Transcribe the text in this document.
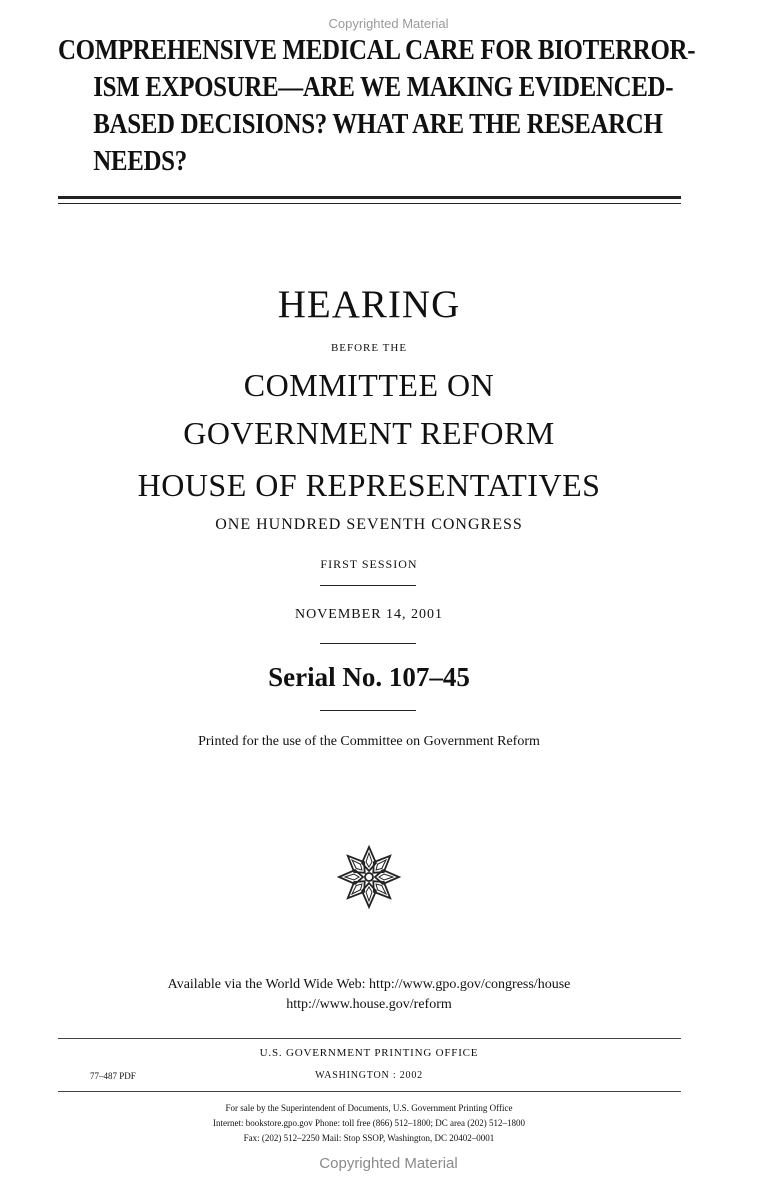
Copyrighted Material
COMPREHENSIVE MEDICAL CARE FOR BIOTERROR-
ISM EXPOSURE—ARE WE MAKING EVIDENCED-
BASED DECISIONS? WHAT ARE THE RESEARCH
NEEDS?
HEARING
BEFORE THE
COMMITTEE ON
GOVERNMENT REFORM
HOUSE OF REPRESENTATIVES
ONE HUNDRED SEVENTH CONGRESS
FIRST SESSION
NOVEMBER 14, 2001
Serial No. 107–45
Printed for the use of the Committee on Government Reform
Available via the World Wide Web: http://www.gpo.gov/congress/house
http://www.house.gov/reform
U.S. GOVERNMENT PRINTING OFFICE
77–487 PDF	WASHINGTON : 2002
For sale by the Superintendent of Documents, U.S. Government Printing Office
Internet: bookstore.gpo.gov Phone: toll free (866) 512–1800; DC area (202) 512–1800
Fax: (202) 512–2250 Mail: Stop SSOP, Washington, DC 20402–0001
Copyrighted Material
